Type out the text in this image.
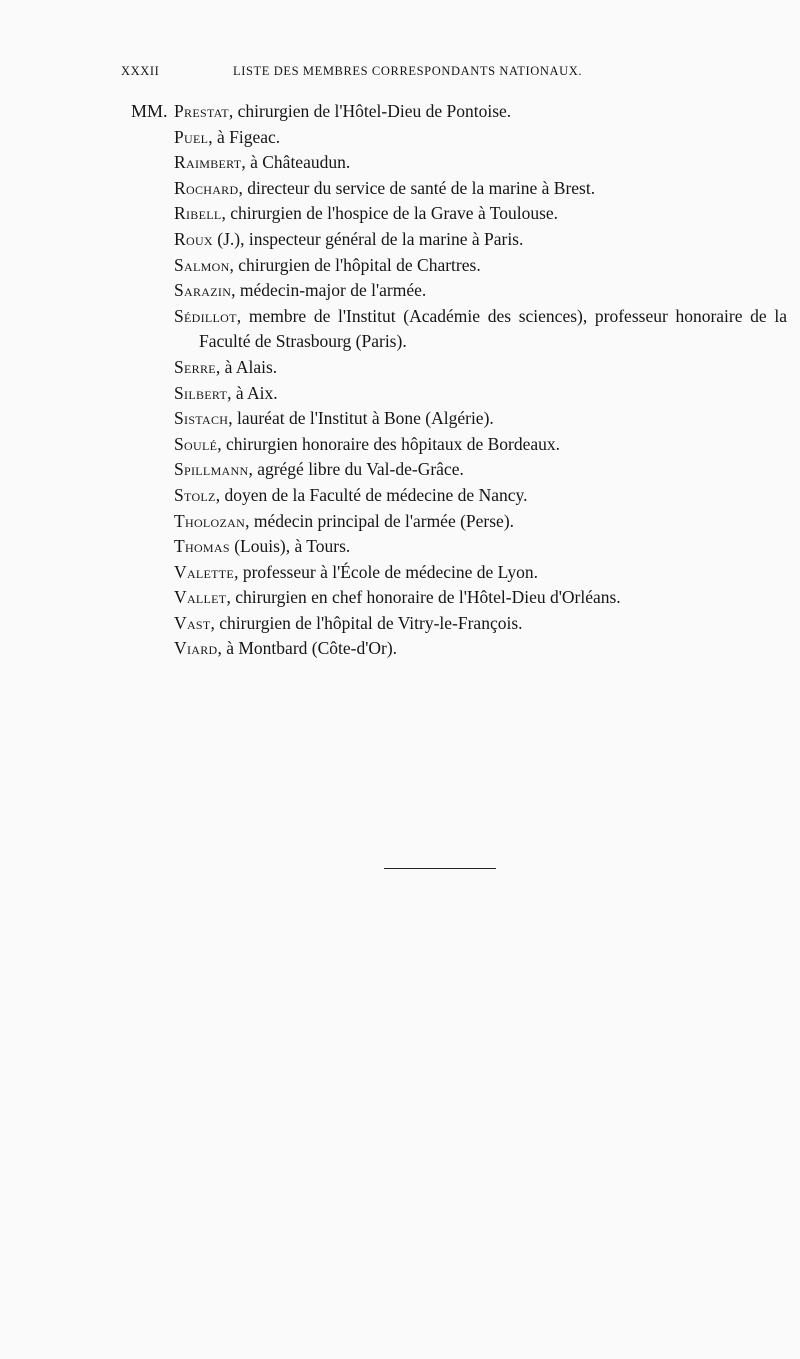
XXXII	LISTE DES MEMBRES CORRESPONDANTS NATIONAUX.
MM. Prestat, chirurgien de l'Hôtel-Dieu de Pontoise.
Puel, à Figeac.
Raimbert, à Châteaudun.
Rochard, directeur du service de santé de la marine à Brest.
Ribell, chirurgien de l'hospice de la Grave à Toulouse.
Roux (J.), inspecteur général de la marine à Paris.
Salmon, chirurgien de l'hôpital de Chartres.
Sarazin, médecin-major de l'armée.
Sédillot, membre de l'Institut (Académie des sciences), professeur honoraire de la Faculté de Strasbourg (Paris).
Serre, à Alais.
Silbert, à Aix.
Sistach, lauréat de l'Institut à Bone (Algérie).
Soulé, chirurgien honoraire des hôpitaux de Bordeaux.
Spillmann, agrégé libre du Val-de-Grâce.
Stolz, doyen de la Faculté de médecine de Nancy.
Tholozan, médecin principal de l'armée (Perse).
Thomas (Louis), à Tours.
Valette, professeur à l'École de médecine de Lyon.
Vallet, chirurgien en chef honoraire de l'Hôtel-Dieu d'Orléans.
Vast, chirurgien de l'hôpital de Vitry-le-François.
Viard, à Montbard (Côte-d'Or).
